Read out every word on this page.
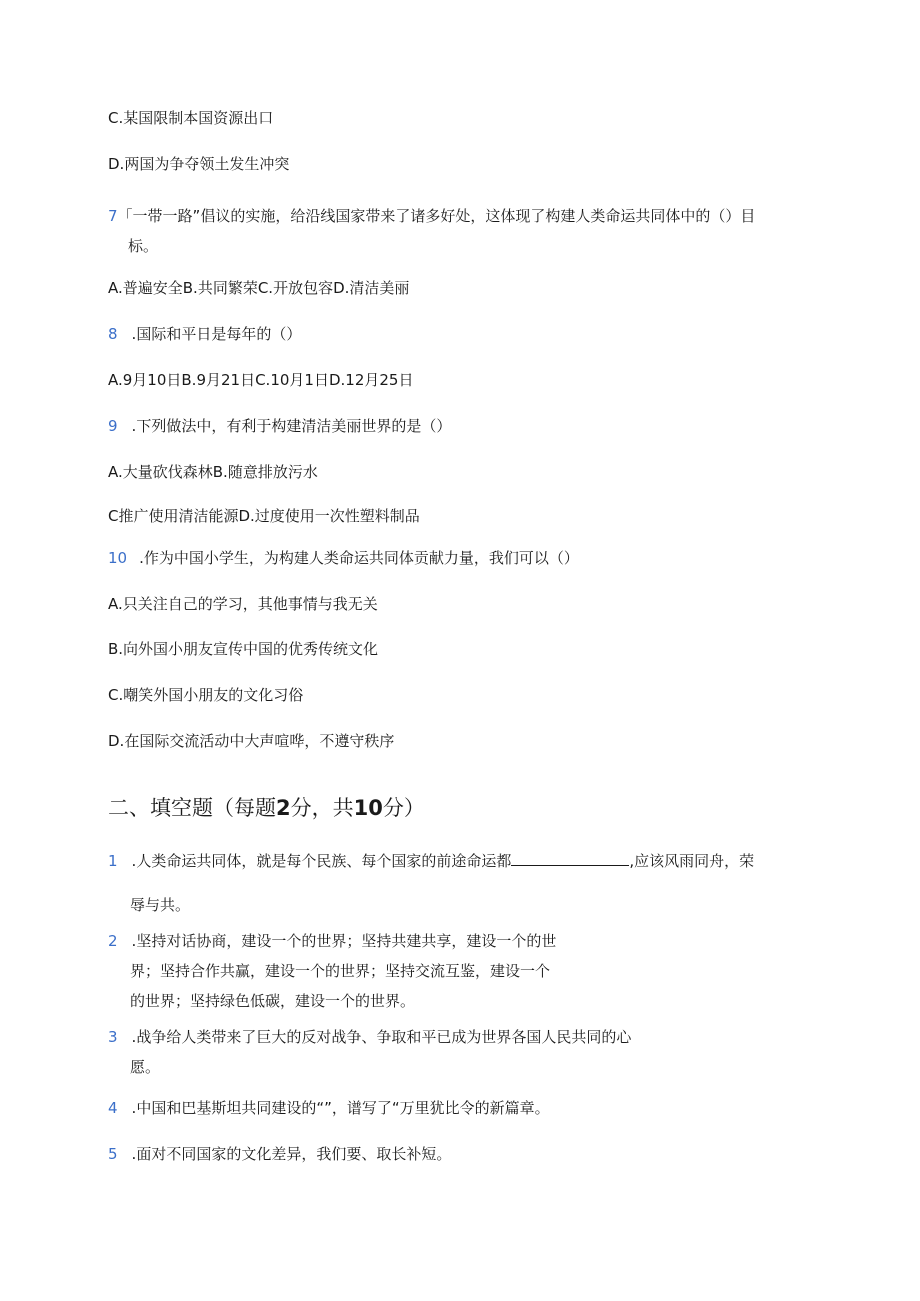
C.某国限制本国资源出口
D.两国为争夺领土发生冲突
7「一带一路”倡议的实施，给沿线国家带来了诸多好处，这体现了构建人类命运共同体中的（）目
标。
A.普遍安全B.共同繁荣C.开放包容D.清洁美丽
8 .国际和平日是每年的（）
A.9月10日B.9月21日C.10月1日D.12月25日
9 .下列做法中，有利于构建清洁美丽世界的是（）
A.大量砍伐森林B.随意排放污水
C推广使用清洁能源D.过度使用一次性塑料制品
10 .作为中国小学生，为构建人类命运共同体贡献力量，我们可以（）
A.只关注自己的学习，其他事情与我无关
B.向外国小朋友宣传中国的优秀传统文化
C.嘲笑外国小朋友的文化习俗
D.在国际交流活动中大声喧哗，不遵守秩序
二、填空题（每题2分，共10分）
1 .人类命运共同体，就是每个民族、每个国家的前途命运都	,应该风雨同舟，荣
辱与共。
2 .坚持对话协商，建设一个的世界；坚持共建共享，建设一个的世
界；坚持合作共赢，建设一个的世界；坚持交流互鉴，建设一个
的世界；坚持绿色低碳，建设一个的世界。
3 .战争给人类带来了巨大的反对战争、争取和平已成为世界各国人民共同的心
愿。
4 .中国和巴基斯坦共同建设的“”，谱写了“万里犹比令的新篇章。
5 .面对不同国家的文化差异，我们要、取长补短。
